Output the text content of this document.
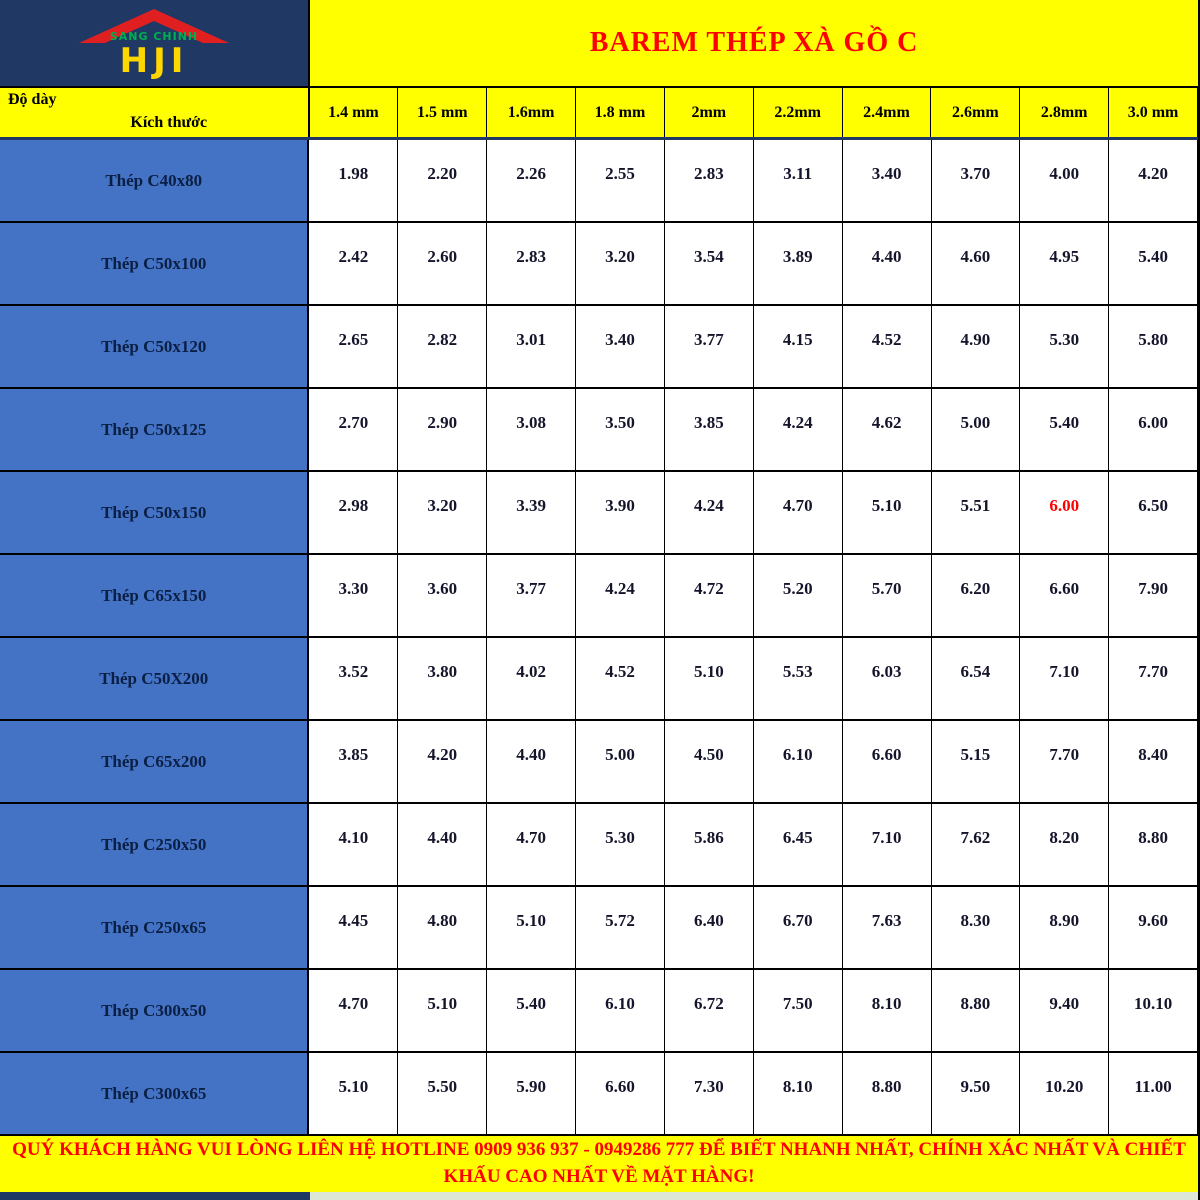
SANG CHINH
HJI	BAREM THÉP XÀ GỒ C
Độ dày
Kích thước
1.4 mm	1.5 mm	1.6mm	1.8 mm	2mm	2.2mm	2.4mm	2.6mm	2.8mm	3.0 mm
Thép C40x80	1.98	2.20	2.26	2.55	2.83	3.11	3.40	3.70	4.00	4.20
Thép C50x100	2.42	2.60	2.83	3.20	3.54	3.89	4.40	4.60	4.95	5.40
Thép C50x120	2.65	2.82	3.01	3.40	3.77	4.15	4.52	4.90	5.30	5.80
Thép C50x125	2.70	2.90	3.08	3.50	3.85	4.24	4.62	5.00	5.40	6.00
Thép C50x150	2.98	3.20	3.39	3.90	4.24	4.70	5.10	5.51	6.00	6.50
Thép C65x150	3.30	3.60	3.77	4.24	4.72	5.20	5.70	6.20	6.60	7.90
Thép C50X200	3.52	3.80	4.02	4.52	5.10	5.53	6.03	6.54	7.10	7.70
Thép C65x200	3.85	4.20	4.40	5.00	4.50	6.10	6.60	5.15	7.70	8.40
Thép C250x50	4.10	4.40	4.70	5.30	5.86	6.45	7.10	7.62	8.20	8.80
Thép C250x65	4.45	4.80	5.10	5.72	6.40	6.70	7.63	8.30	8.90	9.60
Thép C300x50	4.70	5.10	5.40	6.10	6.72	7.50	8.10	8.80	9.40	10.10
Thép C300x65	5.10	5.50	5.90	6.60	7.30	8.10	8.80	9.50	10.20	11.00
QUÝ KHÁCH HÀNG VUI LÒNG LIÊN HỆ HOTLINE 0909 936 937 - 0949286 777 ĐỂ BIẾT NHANH NHẤT, CHÍNH XÁC NHẤT VÀ CHIẾT KHẤU CAO NHẤT VỀ MẶT HÀNG!
